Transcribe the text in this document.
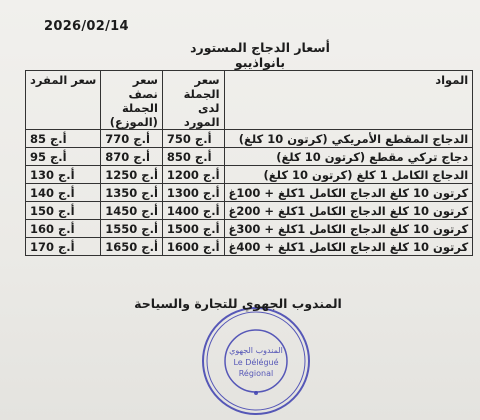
2026/02/14
أسعار الدجاج المستورد بانواذيبو
المواد	سعر الجملة لدى المورد	سعر نصف الجملة (الموزع)	سعر المفرد
الدجاج المقطع الأمريكي (كرتون 10 كلغ)	750 أ.ج	770 أ.ج	85 أ.ج
دجاج تركي مقطع (كرتون 10 كلغ)	850 أ.ج	870 أ.ج	95 أ.ج
الدجاج الكامل 1 كلغ (كرتون 10 كلغ)	1200 أ.ج	1250 أ.ج	130 أ.ج
كرتون 10 كلغ الدجاج الكامل 1كلغ + 100غ	1300 أ.ج	1350 أ.ج	140 أ.ج
كرتون 10 كلغ الدجاج الكامل 1كلغ + 200غ	1400 أ.ج	1450 أ.ج	150 أ.ج
كرتون 10 كلغ الدجاج الكامل 1كلغ + 300غ	1500 أ.ج	1550 أ.ج	160 أ.ج
كرتون 10 كلغ الدجاج الكامل 1كلغ + 400غ	1600 أ.ج	1650 أ.ج	170 أ.ج
المندوب الجهوي
Le Délégué
Régional
المندوب الجهوي للتجارة والسياحة
